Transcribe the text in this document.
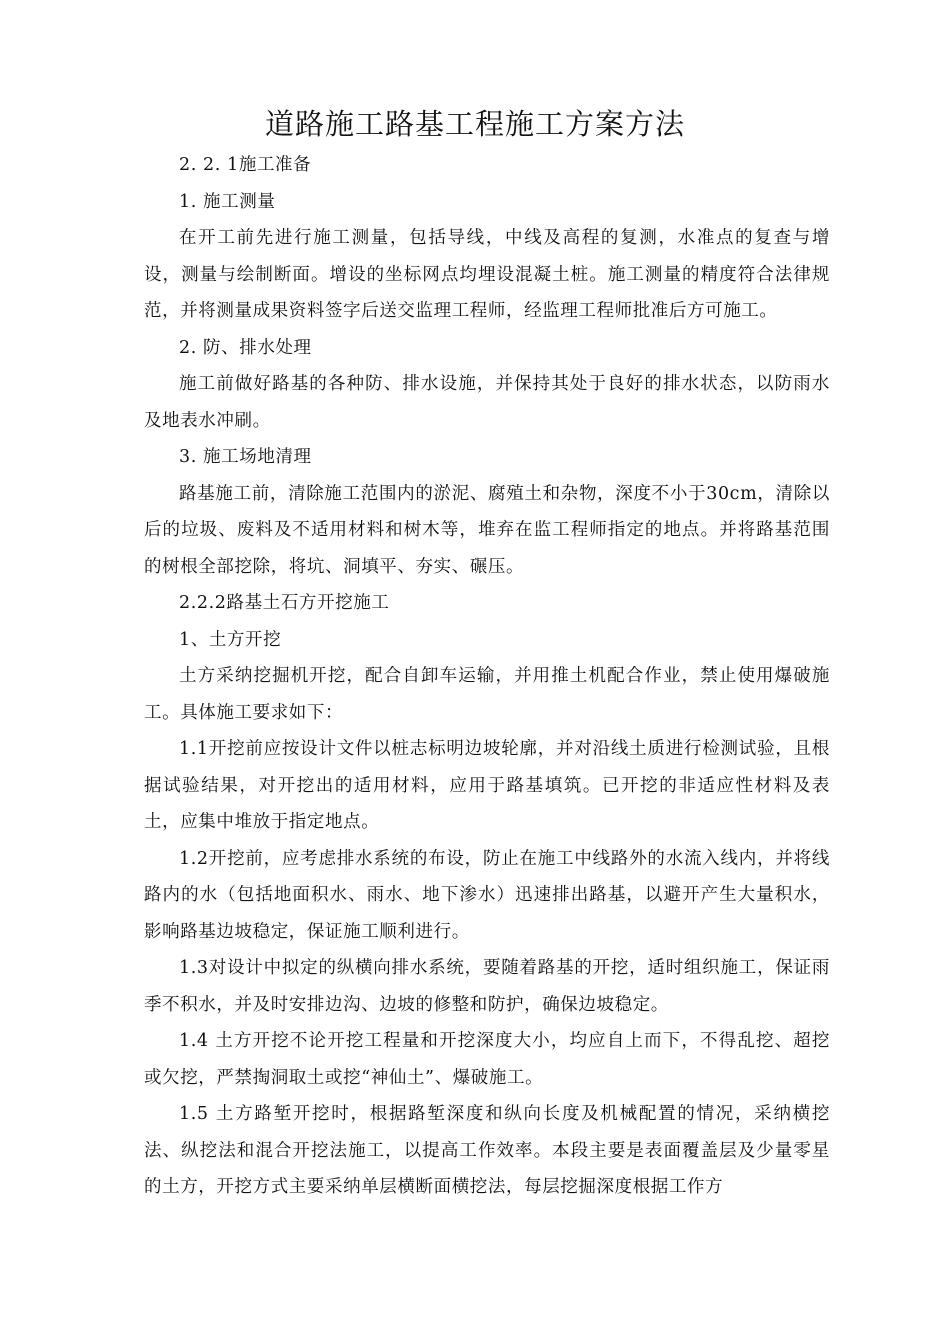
道路施工路基工程施工方案方法

2. 2. 1施工准备

1. 施工测量

在开工前先进行施工测量，包括导线，中线及高程的复测，水准点的复查与增设，测量与绘制断面。增设的坐标网点均埋设混凝土桩。施工测量的精度符合法律规范，并将测量成果资料签字后送交监理工程师，经监理工程师批准后方可施工。

2. 防、排水处理

施工前做好路基的各种防、排水设施，并保持其处于良好的排水状态，以防雨水及地表水冲刷。

3. 施工场地清理

路基施工前，清除施工范围内的淤泥、腐殖土和杂物，深度不小于30cm，清除以后的垃圾、废料及不适用材料和树木等，堆弃在监工程师指定的地点。并将路基范围的树根全部挖除，将坑、洞填平、夯实、碾压。

2.2.2路基土石方开挖施工

1、土方开挖

土方采纳挖掘机开挖，配合自卸车运输，并用推土机配合作业，禁止使用爆破施工。具体施工要求如下：

1.1开挖前应按设计文件以桩志标明边坡轮廓，并对沿线土质进行检测试验，且根据试验结果，对开挖出的适用材料，应用于路基填筑。已开挖的非适应性材料及表土，应集中堆放于指定地点。

1.2开挖前，应考虑排水系统的布设，防止在施工中线路外的水流入线内，并将线路内的水（包括地面积水、雨水、地下渗水）迅速排出路基，以避开产生大量积水，影响路基边坡稳定，保证施工顺利进行。

1.3对设计中拟定的纵横向排水系统，要随着路基的开挖，适时组织施工，保证雨季不积水，并及时安排边沟、边坡的修整和防护，确保边坡稳定。

1.4 土方开挖不论开挖工程量和开挖深度大小，均应自上而下，不得乱挖、超挖或欠挖，严禁掏洞取土或挖“神仙土”、爆破施工。

1.5 土方路堑开挖时，根据路堑深度和纵向长度及机械配置的情况，采纳横挖法、纵挖法和混合开挖法施工，以提高工作效率。本段主要是表面覆盖层及少量零星的土方，开挖方式主要采纳单层横断面横挖法，每层挖掘深度根据工作方
